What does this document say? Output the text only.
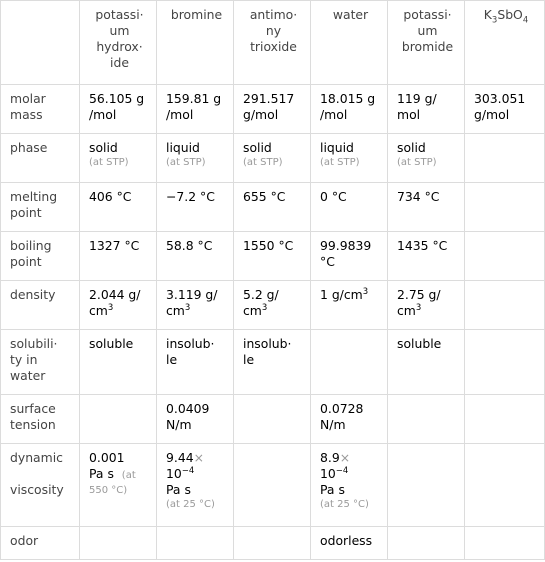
	potassi·
um
hydrox·
ide	bromine	antimo·
ny
trioxide	water	potassi·
um
bromide	$K_3SbO_4$

molar
mass	56.105 g
/mol	159.81 g
/mol	291.517
g/mol	18.015 g
/mol	119 g/
mol	303.051
g/mol

phase	solid
(at STP)	liquid
(at STP)	solid
(at STP)	liquid
(at STP)	solid
(at STP)	

melting
point	406 °C	−7.2 °C	655 °C	0 °C	734 °C	

boiling
point	1327 °C	58.8 °C	1550 °C	99.9839
°C	1435 °C	

density	2.044 g/
$cm^3$	3.119 g/
$cm^3$	5.2 g/
$cm^3$	1 $g/cm^3$	2.75 g/
$cm^3$	

solubili·
ty in
water	soluble	insolub·
le	insolub·
le		soluble	

surface
tension		0.0409
N/m		0.0728
N/m		

dynamic
viscosity	0.001
Pa s (at
550 °C)	9.44×
$10^{-4}$
Pa s
(at 25 °C)		8.9×
$10^{-4}$
Pa s
(at 25 °C)		

odor				odorless		
